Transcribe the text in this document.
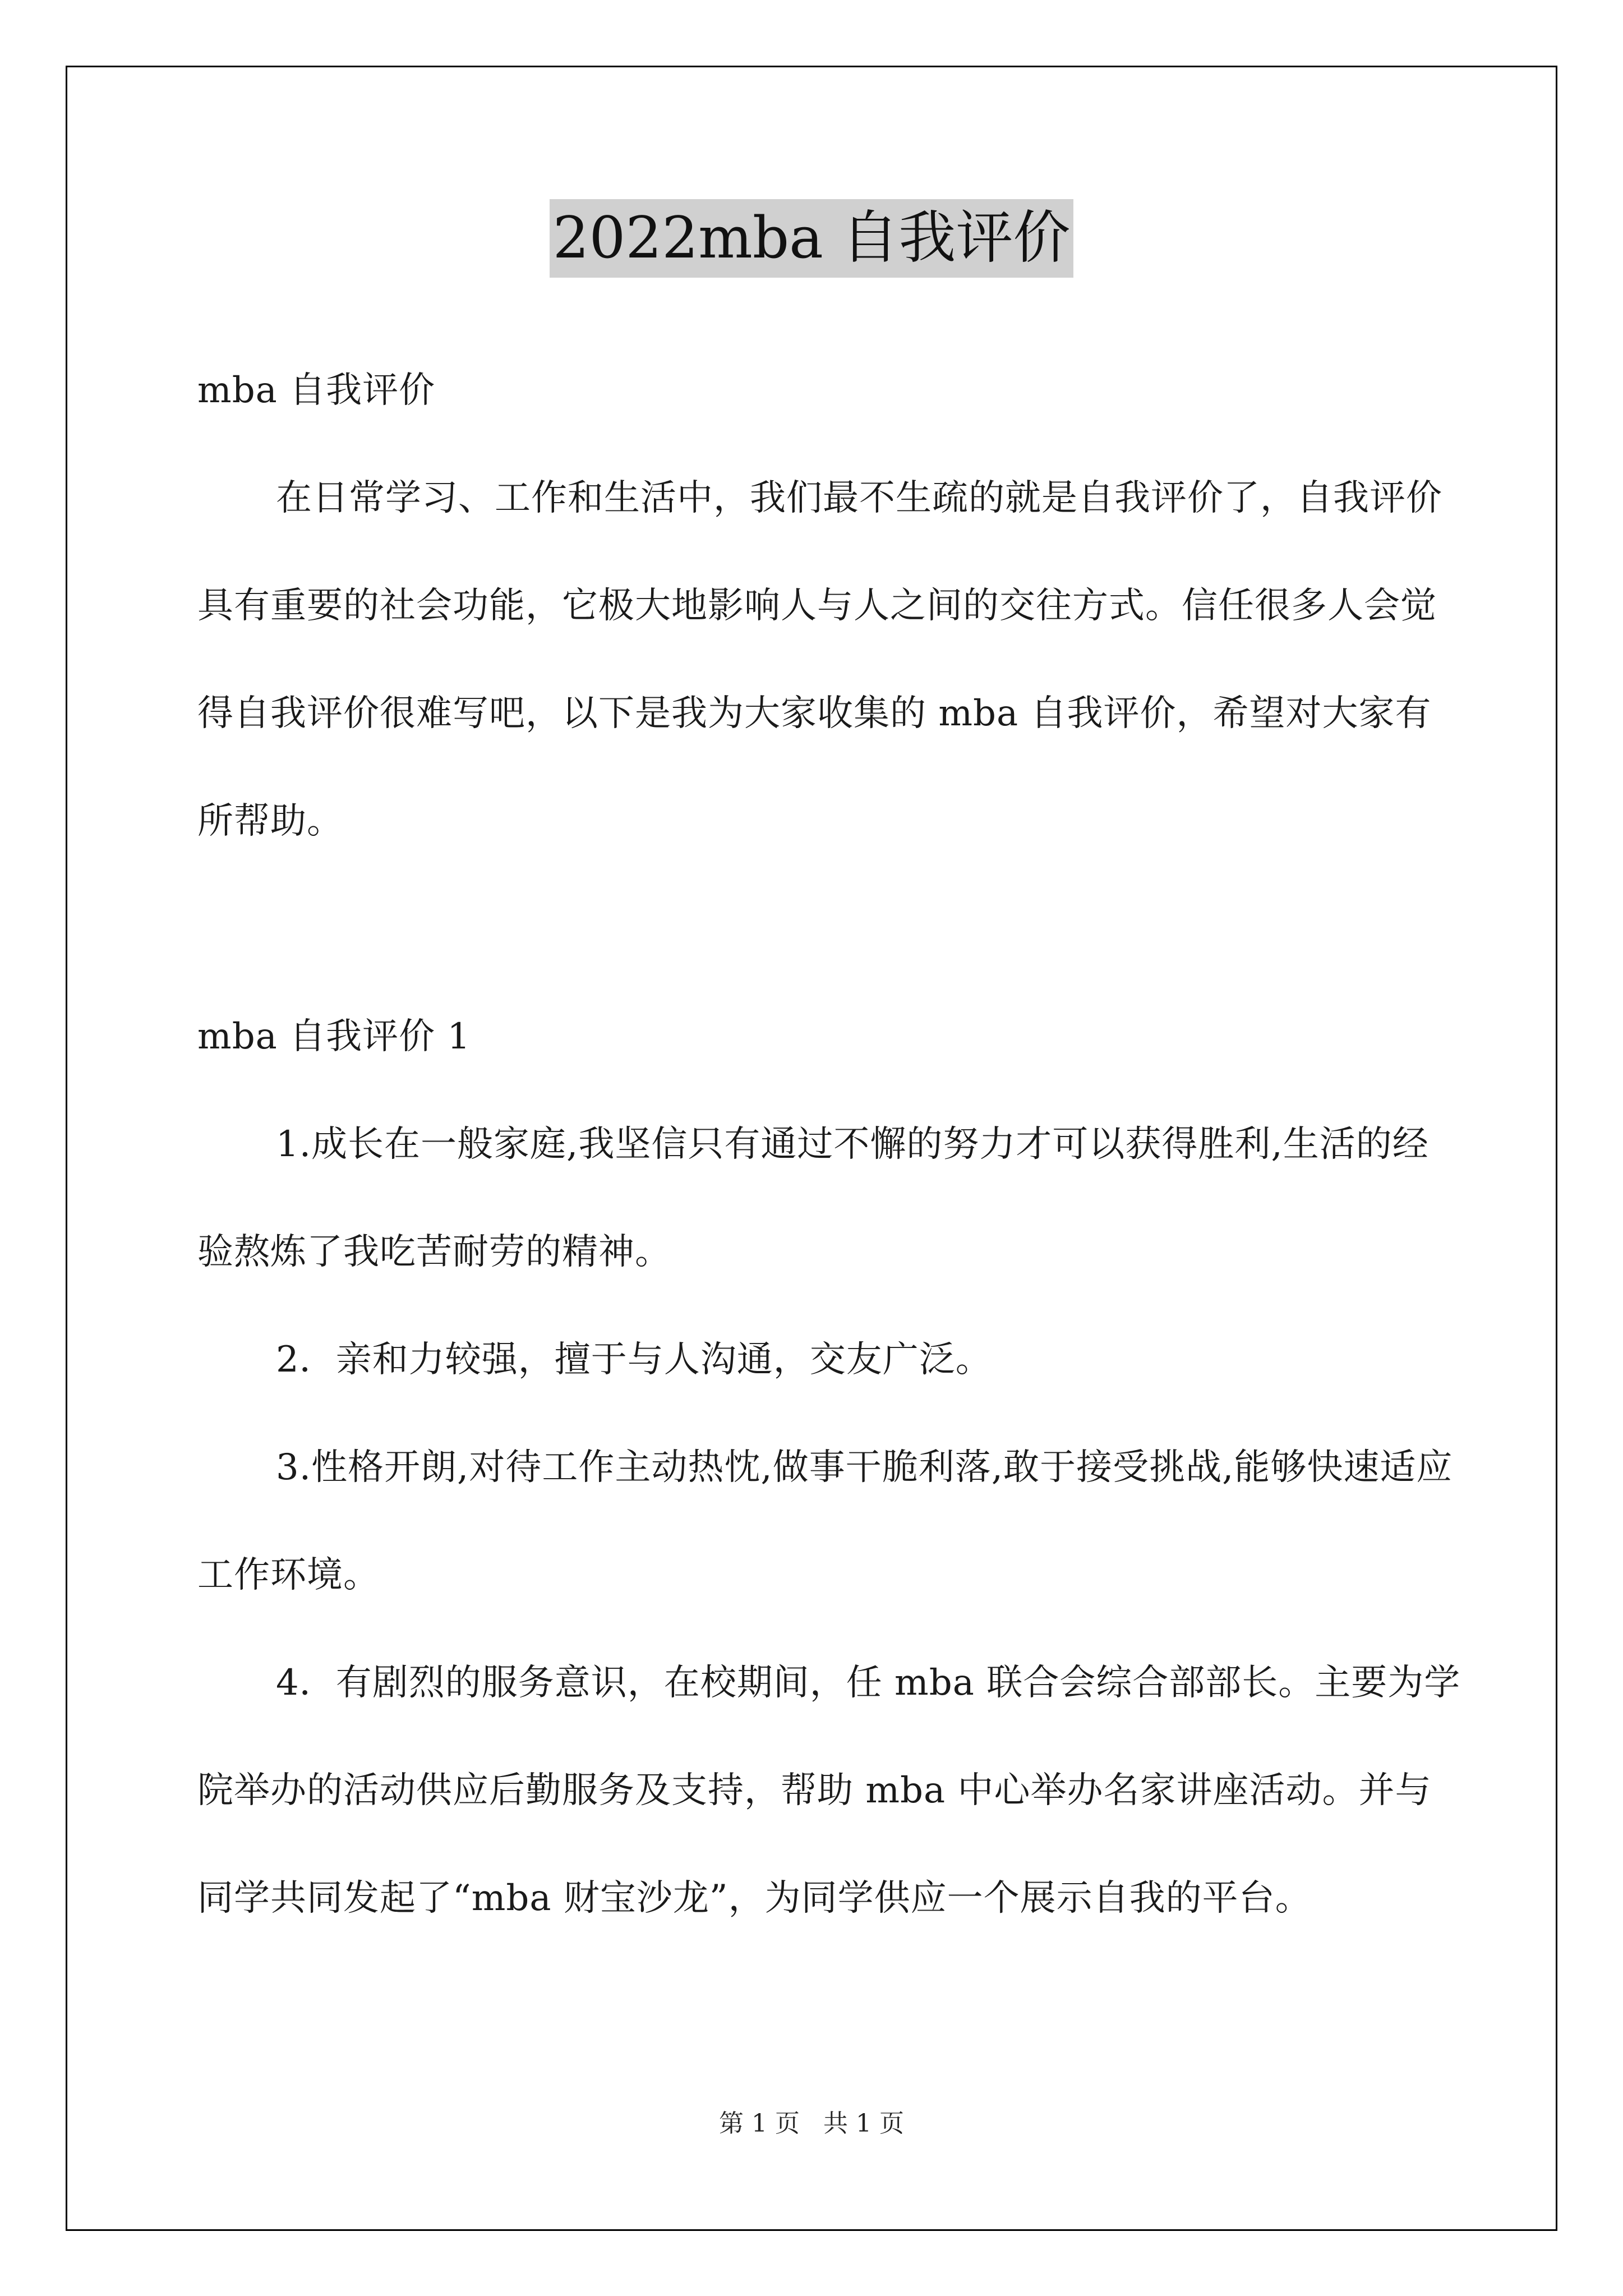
2022mba 自我评价

mba 自我评价

在日常学习、工作和生活中，我们最不生疏的就是自我评价了，自我评价具有重要的社会功能，它极大地影响人与人之间的交往方式。信任很多人会觉得自我评价很难写吧，以下是我为大家收集的 mba 自我评价，希望对大家有所帮助。

mba 自我评价 1

1.成长在一般家庭,我坚信只有通过不懈的努力才可以获得胜利,生活的经验熬炼了我吃苦耐劳的精神。

2．亲和力较强，擅于与人沟通，交友广泛。

3.性格开朗,对待工作主动热忱,做事干脆利落,敢于接受挑战,能够快速适应工作环境。

4．有剧烈的服务意识，在校期间，任 mba 联合会综合部部长。主要为学院举办的活动供应后勤服务及支持，帮助 mba 中心举办名家讲座活动。并与同学共同发起了“mba 财宝沙龙”，为同学供应一个展示自我的平台。

第 1 页 共 1 页
